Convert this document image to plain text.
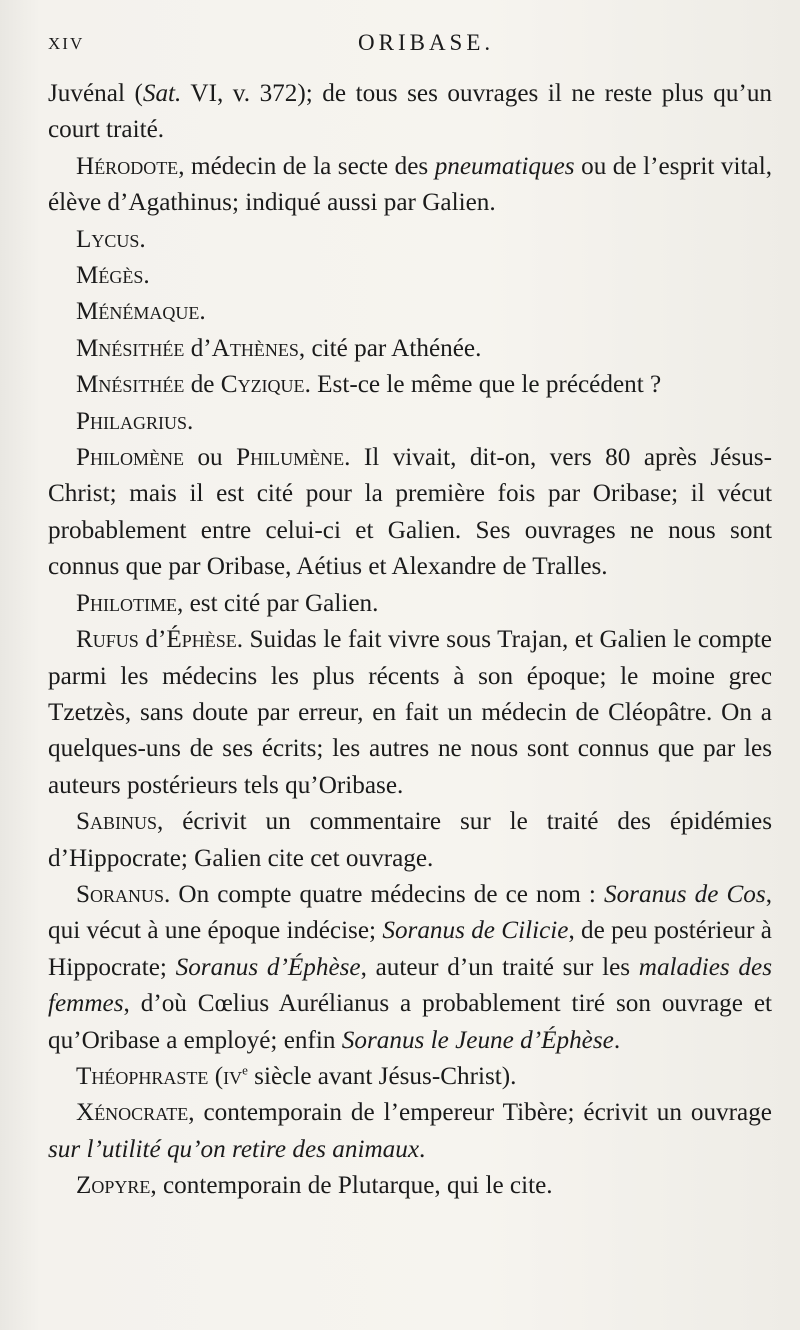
XIV	ORIBASE.

Juvénal (Sat. VI, v. 372); de tous ses ouvrages il ne reste plus qu’un court traité.

Hérodote, médecin de la secte des pneumatiques ou de l’esprit vital, élève d’Agathinus; indiqué aussi par Galien.

Lycus.

Mégès.

Ménémaque.

Mnésithée d’Athènes, cité par Athénée.

Mnésithée de Cyzique. Est-ce le même que le précédent ?

Philagrius.

Philomène ou Philumène. Il vivait, dit-on, vers 80 après Jésus-Christ; mais il est cité pour la première fois par Oribase; il vécut probablement entre celui-ci et Galien. Ses ouvrages ne nous sont connus que par Oribase, Aétius et Alexandre de Tralles.

Philotime, est cité par Galien.

Rufus d’Éphèse. Suidas le fait vivre sous Trajan, et Galien le compte parmi les médecins les plus récents à son époque; le moine grec Tzetzès, sans doute par erreur, en fait un médecin de Cléopâtre. On a quelques-uns de ses écrits; les autres ne nous sont connus que par les auteurs postérieurs tels qu’Oribase.

Sabinus, écrivit un commentaire sur le traité des épidémies d’Hippocrate; Galien cite cet ouvrage.

Soranus. On compte quatre médecins de ce nom : Soranus de Cos, qui vécut à une époque indécise; Soranus de Cilicie, de peu postérieur à Hippocrate; Soranus d’Éphèse, auteur d’un traité sur les maladies des femmes, d’où Cœlius Aurélianus a probablement tiré son ouvrage et qu’Oribase a employé; enfin Soranus le Jeune d’Éphèse.

Théophraste ($iv^e$ siècle avant Jésus-Christ).

Xénocrate, contemporain de l’empereur Tibère; écrivit un ouvrage sur l’utilité qu’on retire des animaux.

Zopyre, contemporain de Plutarque, qui le cite.
